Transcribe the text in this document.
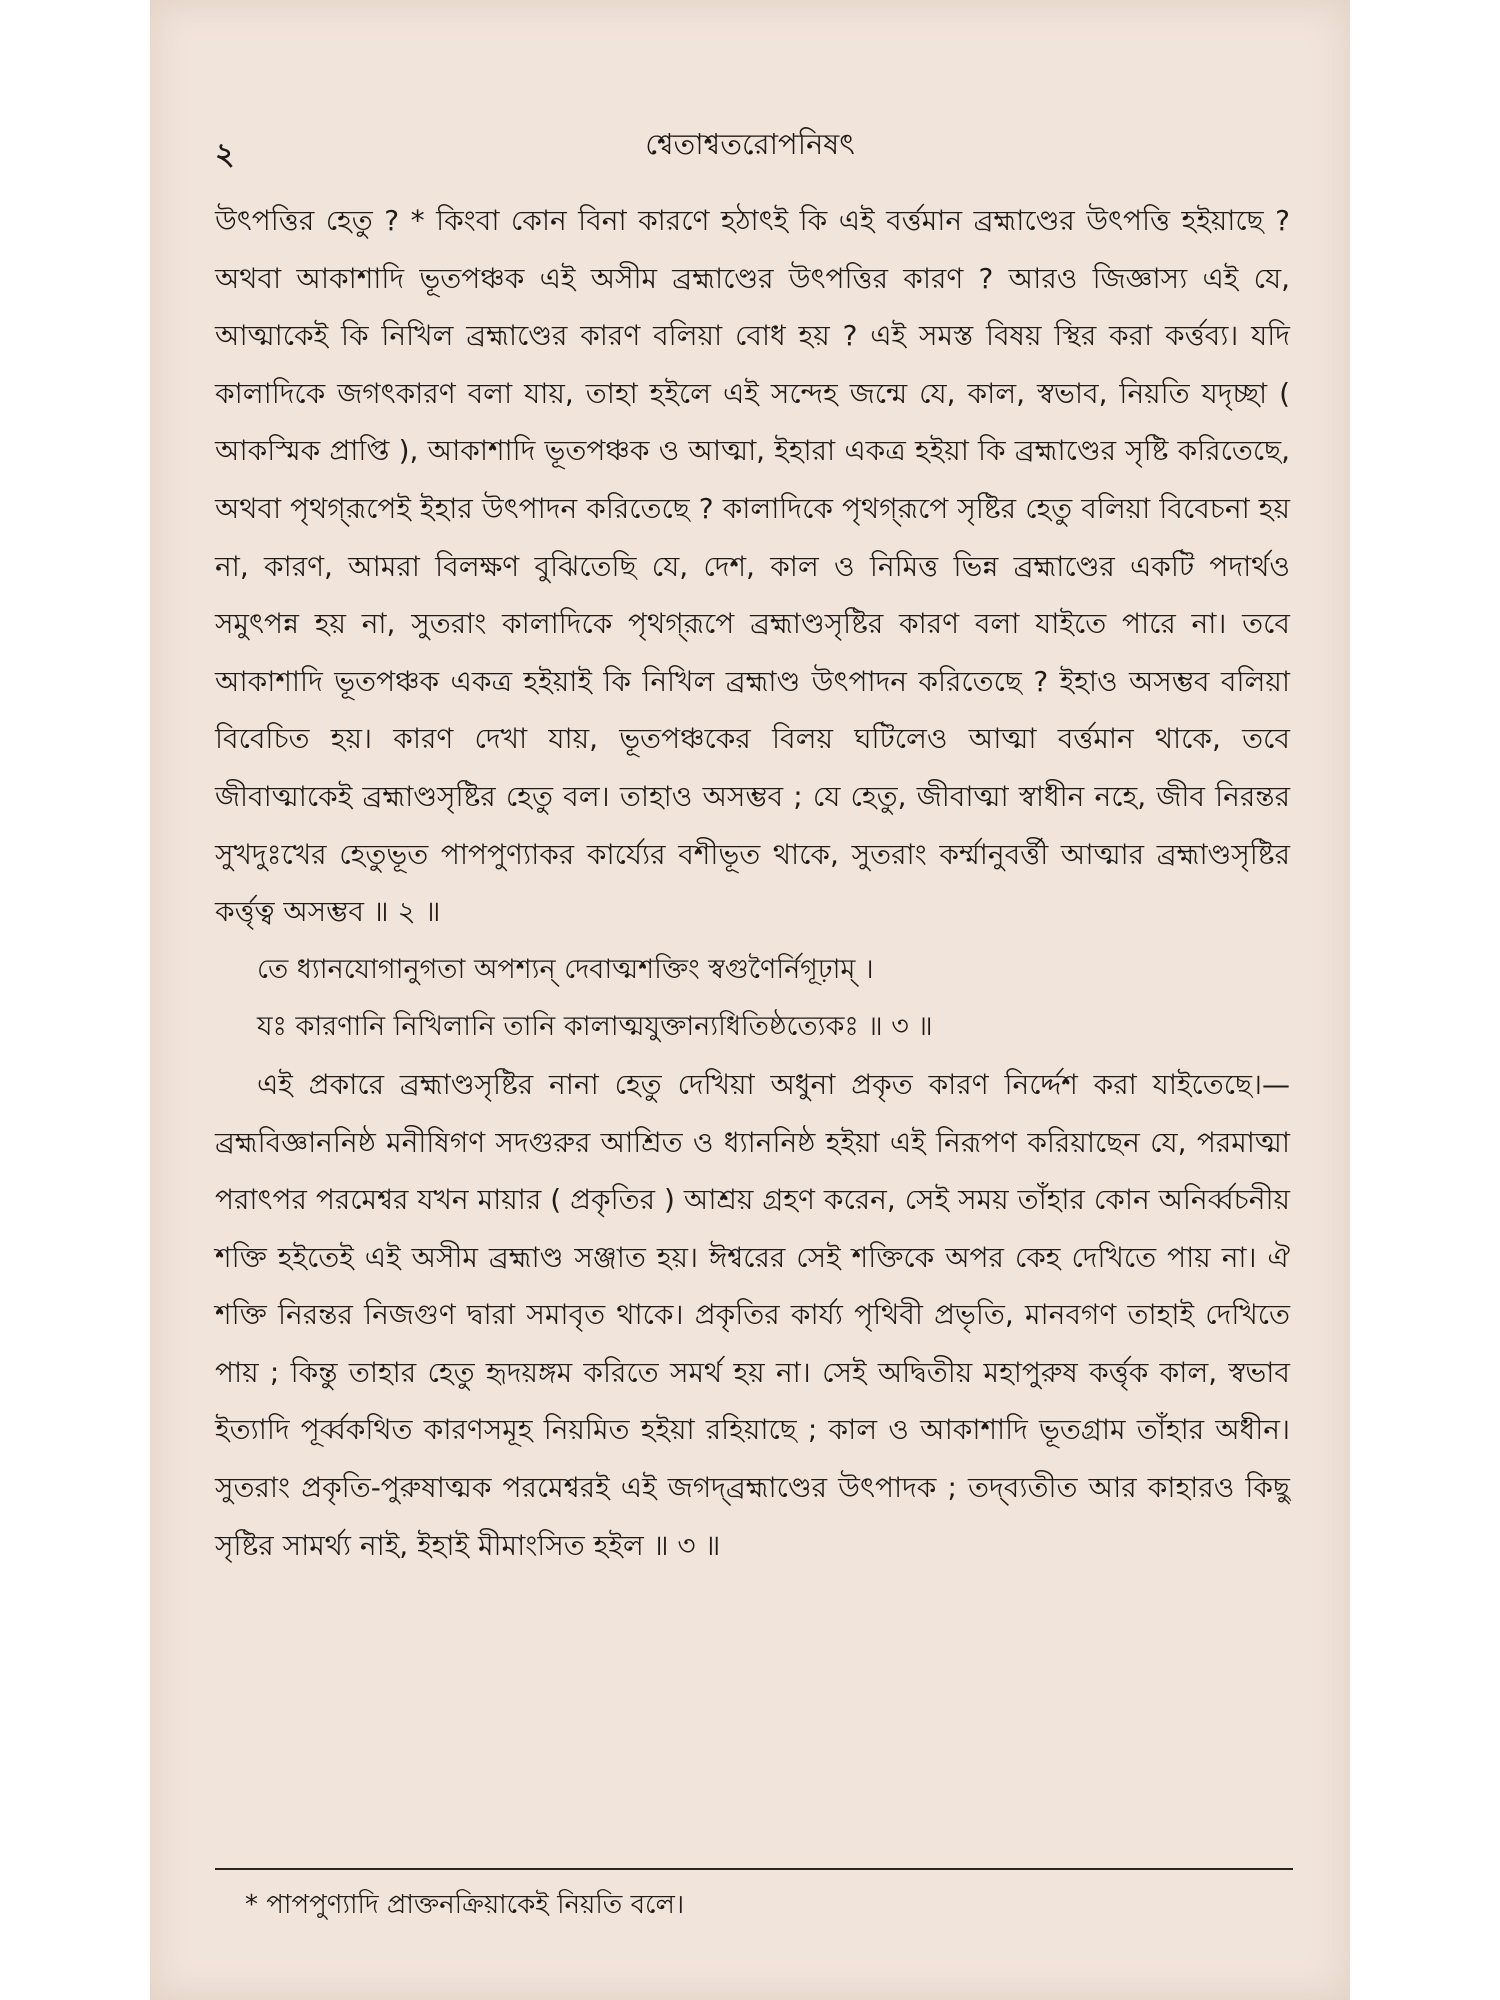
২	শ্বেতাশ্বতরোপনিষৎ

উৎপত্তির হেতু ? * কিংবা কোন বিনা কারণে হঠাৎই কি এই বর্ত্তমান ব্রহ্মাণ্ডের উৎপত্তি হইয়াছে ? অথবা আকাশাদি ভূতপঞ্চক এই অসীম ব্রহ্মাণ্ডের উৎপত্তির কারণ ? আরও জিজ্ঞাস্য এই যে, আত্মাকেই কি নিখিল ব্রহ্মাণ্ডের কারণ বলিয়া বোধ হয় ? এই সমস্ত বিষয় স্থির করা কর্ত্তব্য। যদি কালাদিকে জগৎকারণ বলা যায়, তাহা হইলে এই সন্দেহ জন্মে যে, কাল, স্বভাব, নিয়তি যদৃচ্ছা ( আকস্মিক প্রাপ্তি ), আকাশাদি ভূতপঞ্চক ও আত্মা, ইহারা একত্র হইয়া কি ব্রহ্মাণ্ডের সৃষ্টি করিতেছে, অথবা পৃথগ্‌রূপেই ইহার উৎপাদন করিতেছে ? কালাদিকে পৃথগ্‌রূপে সৃষ্টির হেতু বলিয়া বিবেচনা হয় না, কারণ, আমরা বিলক্ষণ বুঝিতেছি যে, দেশ, কাল ও নিমিত্ত ভিন্ন ব্রহ্মাণ্ডের একটি পদার্থও সমুৎপন্ন হয় না, সুতরাং কালাদিকে পৃথগ্‌রূপে ব্রহ্মাণ্ডসৃষ্টির কারণ বলা যাইতে পারে না। তবে আকাশাদি ভূতপঞ্চক একত্র হইয়াই কি নিখিল ব্রহ্মাণ্ড উৎপাদন করিতেছে ? ইহাও অসম্ভব বলিয়া বিবেচিত হয়। কারণ দেখা যায়, ভূতপঞ্চকের বিলয় ঘটিলেও আত্মা বর্ত্তমান থাকে, তবে জীবাত্মাকেই ব্রহ্মাণ্ডসৃষ্টির হেতু বল। তাহাও অসম্ভব ; যে হেতু, জীবাত্মা স্বাধীন নহে, জীব নিরন্তর সুখদুঃখের হেতুভূত পাপপুণ্যাকর কার্য্যের বশীভূত থাকে, সুতরাং কর্ম্মানুবর্ত্তী আত্মার ব্রহ্মাণ্ডসৃষ্টির কর্ত্তৃত্ব অসম্ভব ॥ ২ ॥

তে ধ্যানযোগানুগতা অপশ্যন্ দেবাত্মশক্তিং স্বগুণৈর্নিগূঢ়াম্ ।

যঃ কারণানি নিখিলানি তানি কালাত্মযুক্তান্যধিতিষ্ঠত্যেকঃ ॥ ৩ ॥

এই প্রকারে ব্রহ্মাণ্ডসৃষ্টির নানা হেতু দেখিয়া অধুনা প্রকৃত কারণ নির্দ্দেশ করা যাইতেছে।—ব্রহ্মবিজ্ঞাননিষ্ঠ মনীষিগণ সদগুরুর আশ্রিত ও ধ্যাননিষ্ঠ হইয়া এই নিরূপণ করিয়াছেন যে, পরমাত্মা পরাৎপর পরমেশ্বর যখন মায়ার ( প্রকৃতির ) আশ্রয় গ্রহণ করেন, সেই সময় তাঁহার কোন অনির্ব্বচনীয় শক্তি হইতেই এই অসীম ব্রহ্মাণ্ড সঞ্জাত হয়। ঈশ্বরের সেই শক্তিকে অপর কেহ দেখিতে পায় না। ঐ শক্তি নিরন্তর নিজগুণ দ্বারা সমাবৃত থাকে। প্রকৃতির কার্য্য পৃথিবী প্রভৃতি, মানবগণ তাহাই দেখিতে পায় ; কিন্তু তাহার হেতু হৃদয়ঙ্গম করিতে সমর্থ হয় না। সেই অদ্বিতীয় মহাপুরুষ কর্ত্তৃক কাল, স্বভাব ইত্যাদি পূর্ব্বকথিত কারণসমূহ নিয়মিত হইয়া রহিয়াছে ; কাল ও আকাশাদি ভূতগ্রাম তাঁহার অধীন। সুতরাং প্রকৃতি-পুরুষাত্মক পরমেশ্বরই এই জগদ্‌ব্রহ্মাণ্ডের উৎপাদক ; তদ্‌ব্যতীত আর কাহারও কিছু সৃষ্টির সামর্থ্য নাই, ইহাই মীমাংসিত হইল ॥ ৩ ॥

* পাপপুণ্যাদি প্রাক্তনক্রিয়াকেই নিয়তি বলে।
